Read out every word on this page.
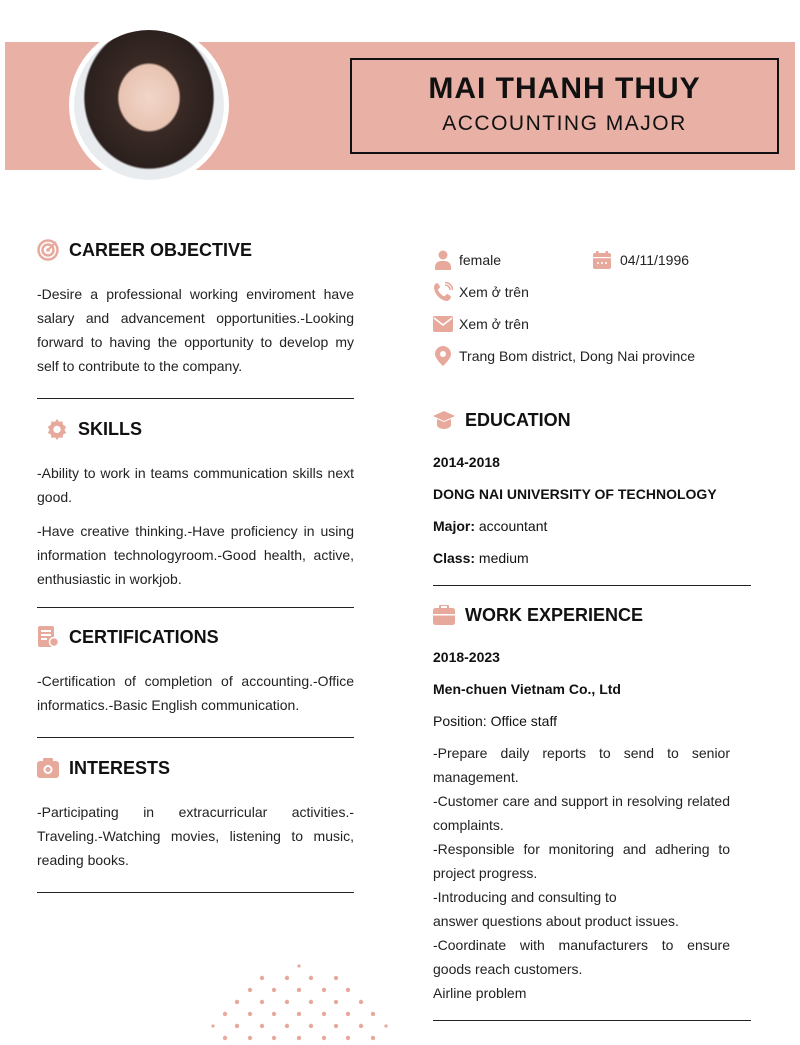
MAI THANH THUY
ACCOUNTING MAJOR
CAREER OBJECTIVE

-Desire a professional working enviroment have salary and advancement opportunities.-Looking forward to having the opportunity to develop my self to contribute to the company.

SKILLS

-Ability to work in teams communication skills next good.

-Have creative thinking.-Have proficiency in using information technologyroom.-Good health, active, enthusiastic in workjob.

CERTIFICATIONS

-Certification of completion of accounting.-Office informatics.-Basic English communication.

INTERESTS

-Participating in extracurricular activities.-Traveling.-Watching movies, listening to music, reading books.

female	04/11/1996
Xem ở trên
Xem ở trên
Trang Bom district, Dong Nai province
EDUCATION
2014-2018
DONG NAI UNIVERSITY OF TECHNOLOGY
Major: accountant
Class: medium
WORK EXPERIENCE
2018-2023
Men-chuen Vietnam Co., Ltd
Position: Office staff

-Prepare daily reports to send to senior management.

-Customer care and support in resolving related complaints.

-Responsible for monitoring and adhering to project progress.

-Introducing and consulting to

answer questions about product issues.

-Coordinate with manufacturers to ensure goods reach customers.

Airline problem
